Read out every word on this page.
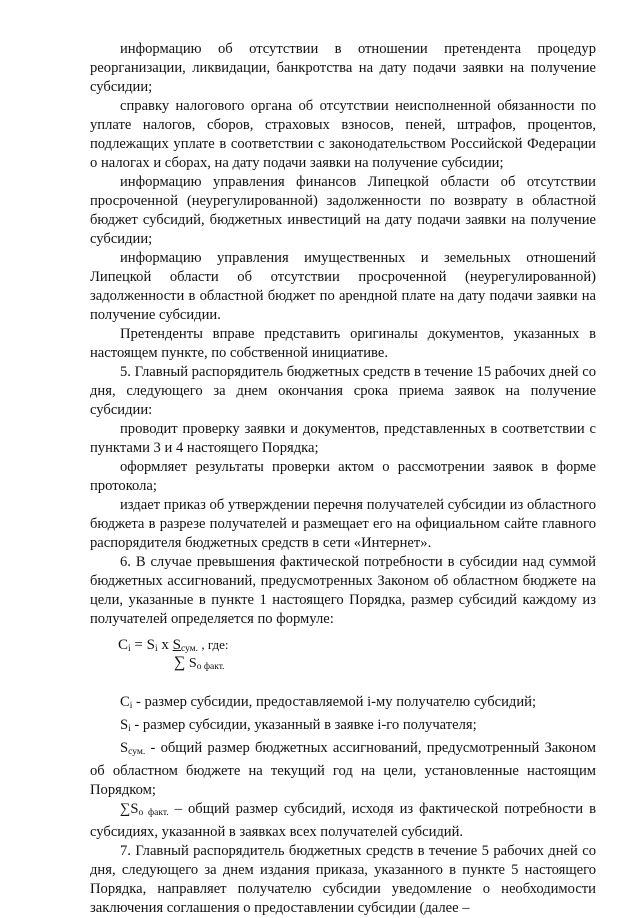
информацию об отсутствии в отношении претендента процедур реорганизации, ликвидации, банкротства на дату подачи заявки на получение субсидии;

справку налогового органа об отсутствии неисполненной обязанности по уплате налогов, сборов, страховых взносов, пеней, штрафов, процентов, подлежащих уплате в соответствии с законодательством Российской Федерации о налогах и сборах, на дату подачи заявки на получение субсидии;

информацию управления финансов Липецкой области об отсутствии просроченной (неурегулированной) задолженности по возврату в областной бюджет субсидий, бюджетных инвестиций на дату подачи заявки на получение субсидии;

информацию управления имущественных и земельных отношений Липецкой области об отсутствии просроченной (неурегулированной) задолженности в областной бюджет по арендной плате на дату подачи заявки на получение субсидии.

Претенденты вправе представить оригиналы документов, указанных в настоящем пункте, по собственной инициативе.

5. Главный распорядитель бюджетных средств в течение 15 рабочих дней со дня, следующего за днем окончания срока приема заявок на получение субсидии:

проводит проверку заявки и документов, представленных в соответствии с пунктами 3 и 4 настоящего Порядка;

оформляет результаты проверки актом о рассмотрении заявок в форме протокола;

издает приказ об утверждении перечня получателей субсидии из областного бюджета в разрезе получателей и размещает его на официальном сайте главного распорядителя бюджетных средств в сети «Интернет».

6. В случае превышения фактической потребности в субсидии над суммой бюджетных ассигнований, предусмотренных Законом об областном бюджете на цели, указанные в пункте 1 настоящего Порядка, размер субсидий каждому из получателей определяется по формуле:

$C_i = S_i$ x $S_{сум.}$ , где:
∑ $S_{о факт.}$

$C_i$ - размер субсидии, предоставляемой i-му получателю субсидий;

$S_i$ - размер субсидии, указанный в заявке i-го получателя;

$S_{сум.}$ - общий размер бюджетных ассигнований, предусмотренный Законом об областном бюджете на текущий год на цели, установленные настоящим Порядком;

$\sum S_{о факт.}$ – общий размер субсидий, исходя из фактической потребности в субсидиях, указанной в заявках всех получателей субсидий.

7. Главный распорядитель бюджетных средств в течение 5 рабочих дней со дня, следующего за днем издания приказа, указанного в пункте 5 настоящего Порядка, направляет получателю субсидии уведомление о необходимости заключения соглашения о предоставлении субсидии (далее –
